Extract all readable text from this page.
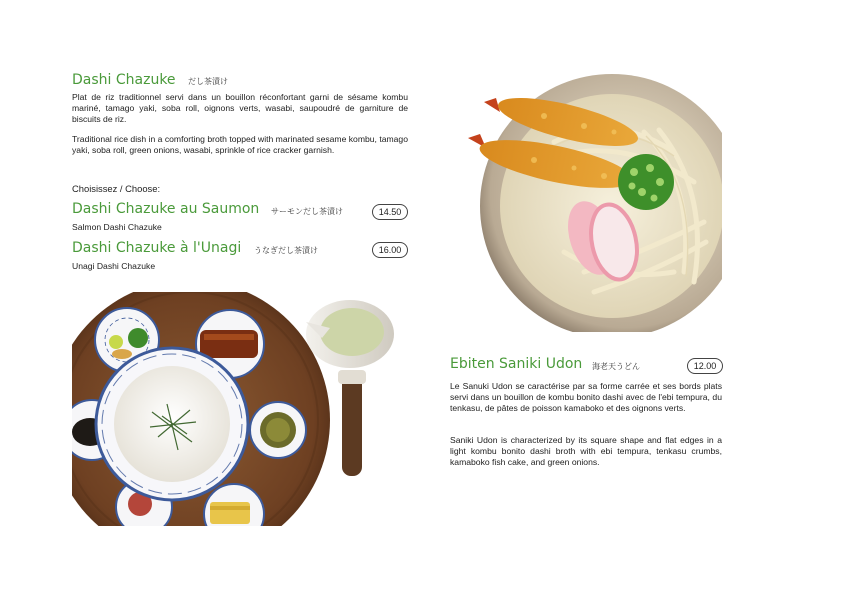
Dashi Chazuke だし茶漬け
Plat de riz traditionnel servi dans un bouillon réconfortant garni de sésame kombu mariné, tamago yaki, soba roll, oignons verts, wasabi, saupoudré de garniture de biscuits de riz.
Traditional rice dish in a comforting broth topped with marinated sesame kombu, tamago yaki, soba roll, green onions, wasabi, sprinkle of rice cracker garnish.
Choisissez / Choose:
Dashi Chazuke au Saumon サーモンだし茶漬け	14.50
Salmon Dashi Chazuke
Dashi Chazuke à l'Unagi うなぎだし茶漬け	16.00
Unagi Dashi Chazuke
Ebiten Saniki Udon 海老天うどん	12.00
Le Sanuki Udon se caractérise par sa forme carrée et ses bords plats servi dans un bouillon de kombu bonito dashi avec de l'ebi tempura, du tenkasu, de pâtes de poisson kamaboko et des oignons verts.
Saniki Udon is characterized by its square shape and flat edges in a light kombu bonito dashi broth with ebi tempura, tenkasu crumbs, kamaboko fish cake, and green onions.
